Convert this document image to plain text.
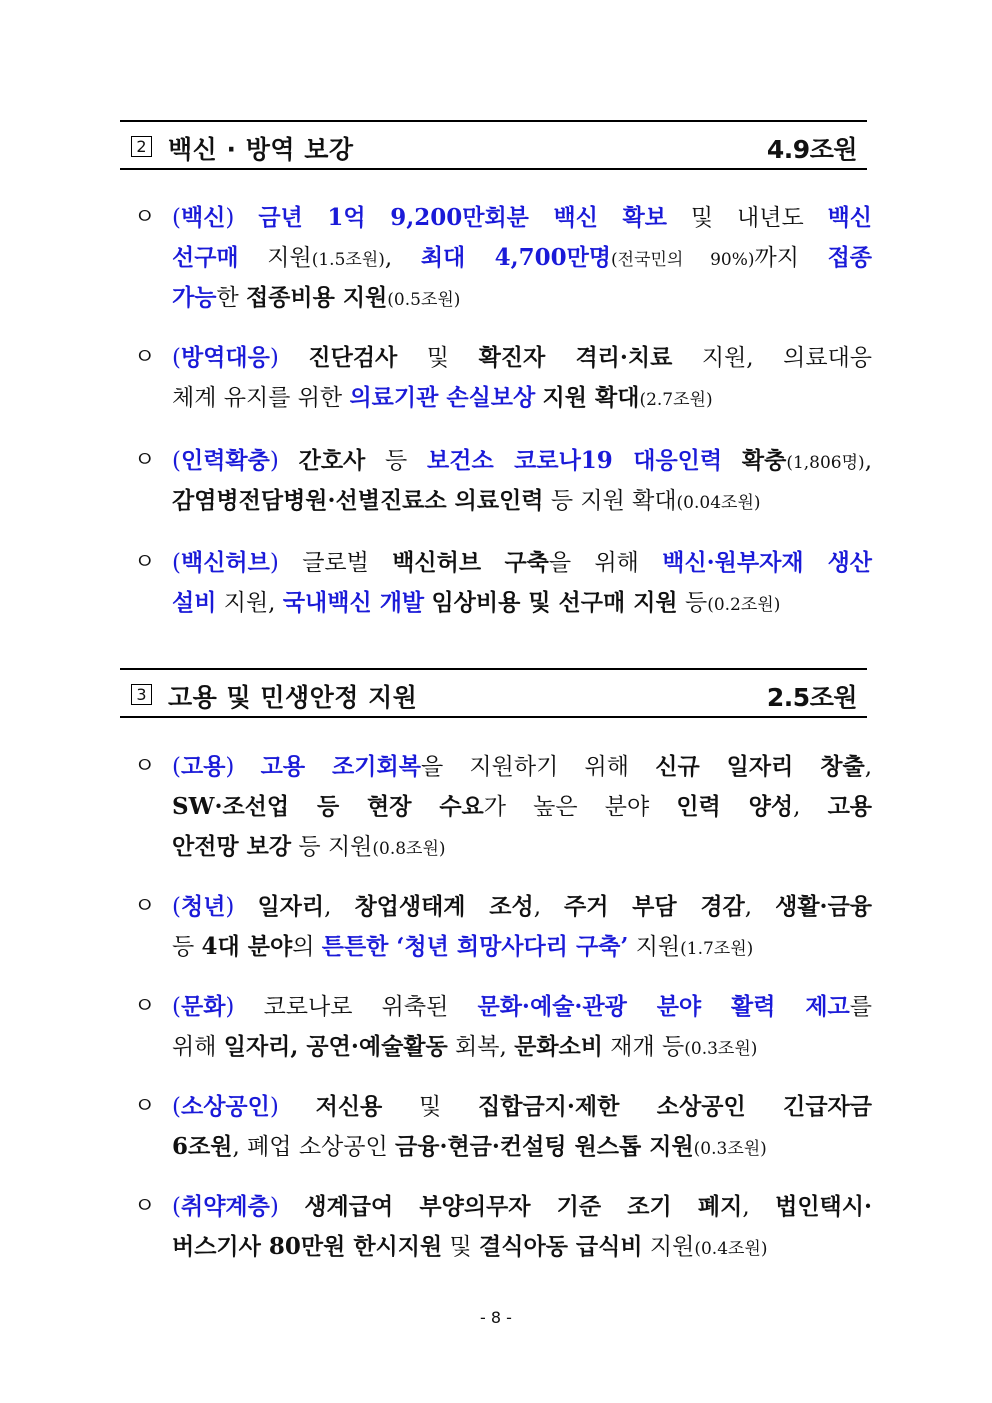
2 백신 · 방역 보강	4.9조원
ㅇ (백신) 금년 1억 9,200만회분 백신 확보 및 내년도 백신
선구매 지원(1.5조원), 최대 4,700만명(전국민의 90%)까지 접종
가능한 접종비용 지원(0.5조원)
ㅇ (방역대응) 진단검사 및 확진자 격리·치료 지원, 의료대응
체계 유지를 위한 의료기관 손실보상 지원 확대(2.7조원)
ㅇ (인력확충) 간호사 등 보건소 코로나19 대응인력 확충(1,806명),
감염병전담병원·선별진료소 의료인력 등 지원 확대(0.04조원)
ㅇ (백신허브) 글로벌 백신허브 구축을 위해 백신·원부자재 생산
설비 지원, 국내백신 개발 임상비용 및 선구매 지원 등(0.2조원)
3 고용 및 민생안정 지원	2.5조원
ㅇ (고용) 고용 조기회복을 지원하기 위해 신규 일자리 창출,
SW·조선업 등 현장 수요가 높은 분야 인력 양성, 고용
안전망 보강 등 지원(0.8조원)
ㅇ (청년) 일자리, 창업생태계 조성, 주거 부담 경감, 생활·금융
등 4대 분야의 튼튼한 ‘청년 희망사다리 구축’ 지원(1.7조원)
ㅇ (문화) 코로나로 위축된 문화·예술·관광 분야 활력 제고를
위해 일자리, 공연·예술활동 회복, 문화소비 재개 등(0.3조원)
ㅇ (소상공인) 저신용 및 집합금지·제한 소상공인 긴급자금
6조원, 폐업 소상공인 금융·현금·컨설팅 원스톱 지원(0.3조원)
ㅇ (취약계층) 생계급여 부양의무자 기준 조기 폐지, 법인택시·
버스기사 80만원 한시지원 및 결식아동 급식비 지원(0.4조원)
- 8 -
